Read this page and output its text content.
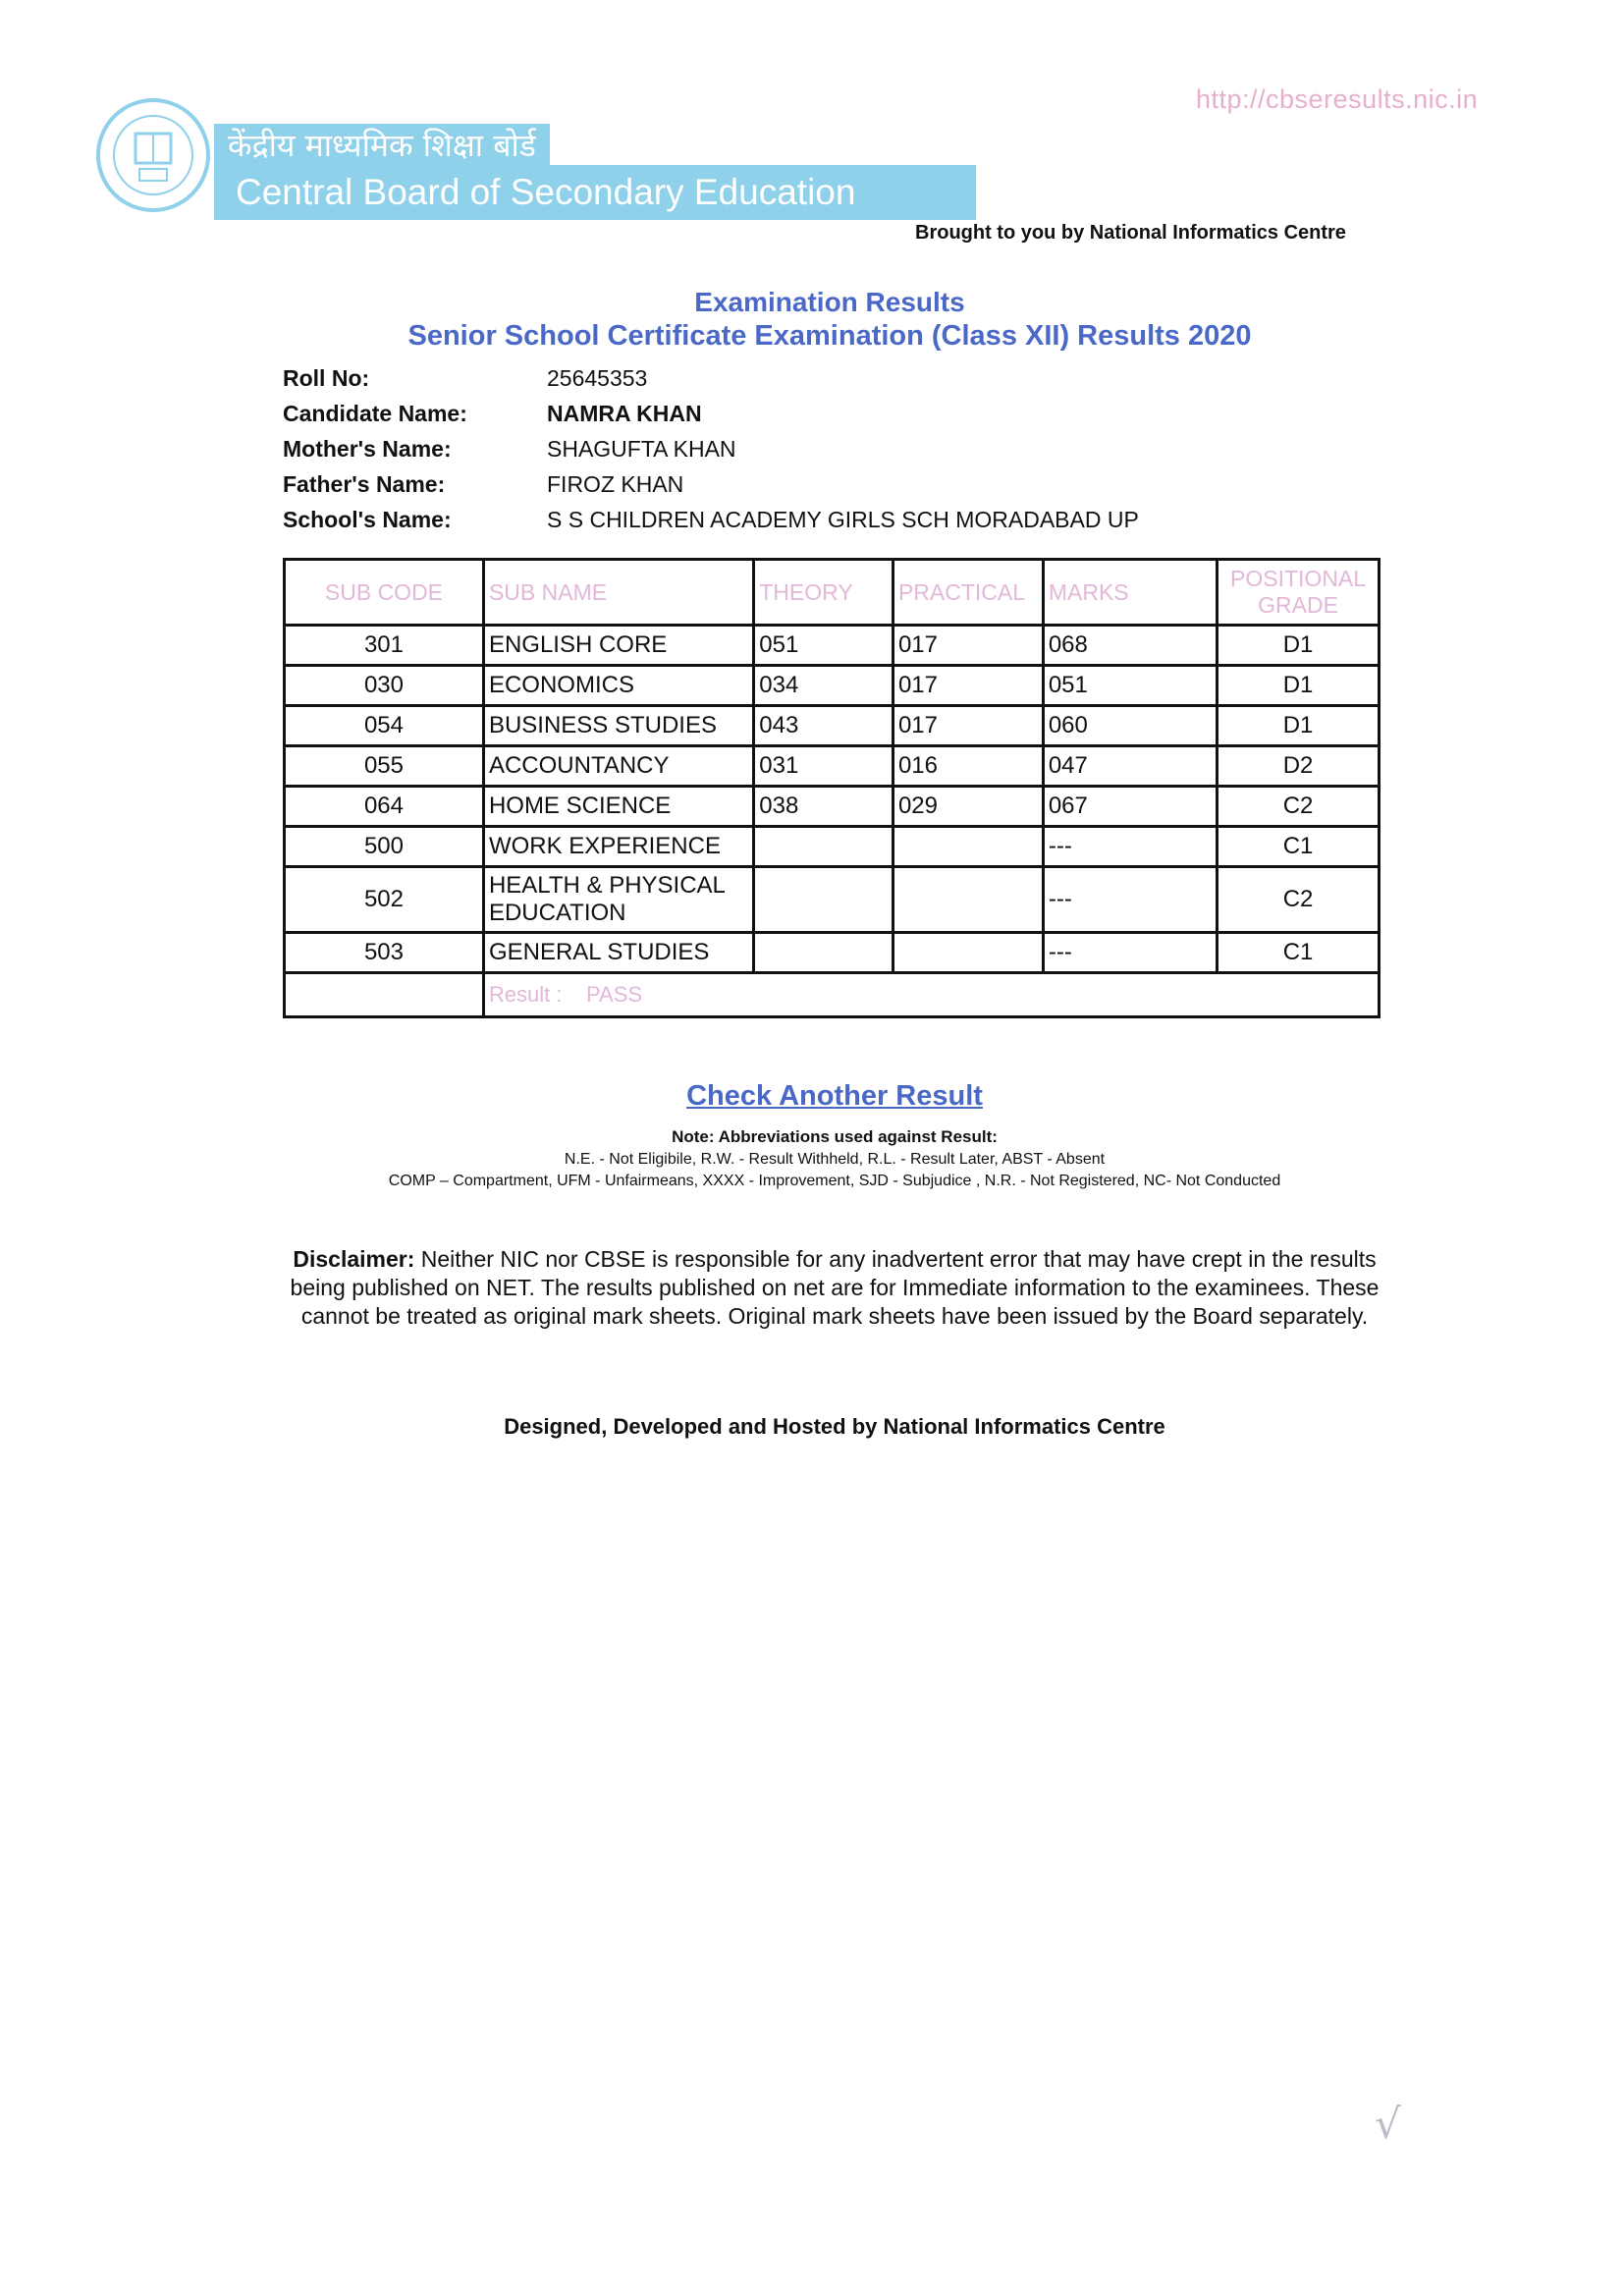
http://cbseresults.nic.in
केंद्रीय माध्यमिक शिक्षा बोर्ड
Central Board of Secondary Education
Brought to you by National Informatics Centre
Examination Results
Senior School Certificate Examination (Class XII) Results 2020
Roll No:	25645353
Candidate Name:	NAMRA KHAN
Mother's Name:	SHAGUFTA KHAN
Father's Name:	FIROZ KHAN
School's Name:	S S CHILDREN ACADEMY GIRLS SCH MORADABAD UP
SUB CODE	SUB NAME	THEORY	PRACTICAL	MARKS	POSITIONAL GRADE
301	ENGLISH CORE	051	017	068	D1
030	ECONOMICS	034	017	051	D1
054	BUSINESS STUDIES	043	017	060	D1
055	ACCOUNTANCY	031	016	047	D2
064	HOME SCIENCE	038	029	067	C2
500	WORK EXPERIENCE			---	C1
502	HEALTH & PHYSICAL EDUCATION			---	C2
503	GENERAL STUDIES			---	C1
	Result : PASS				
Check Another Result
Note: Abbreviations used against Result:
N.E. - Not Eligibile, R.W. - Result Withheld, R.L. - Result Later, ABST - Absent
COMP – Compartment, UFM - Unfairmeans, XXXX - Improvement, SJD - Subjudice , N.R. - Not Registered, NC- Not Conducted
Disclaimer: Neither NIC nor CBSE is responsible for any inadvertent error that may have crept in the results being published on NET. The results published on net are for Immediate information to the examinees. These cannot be treated as original mark sheets. Original mark sheets have been issued by the Board separately.
Designed, Developed and Hosted by National Informatics Centre
√
